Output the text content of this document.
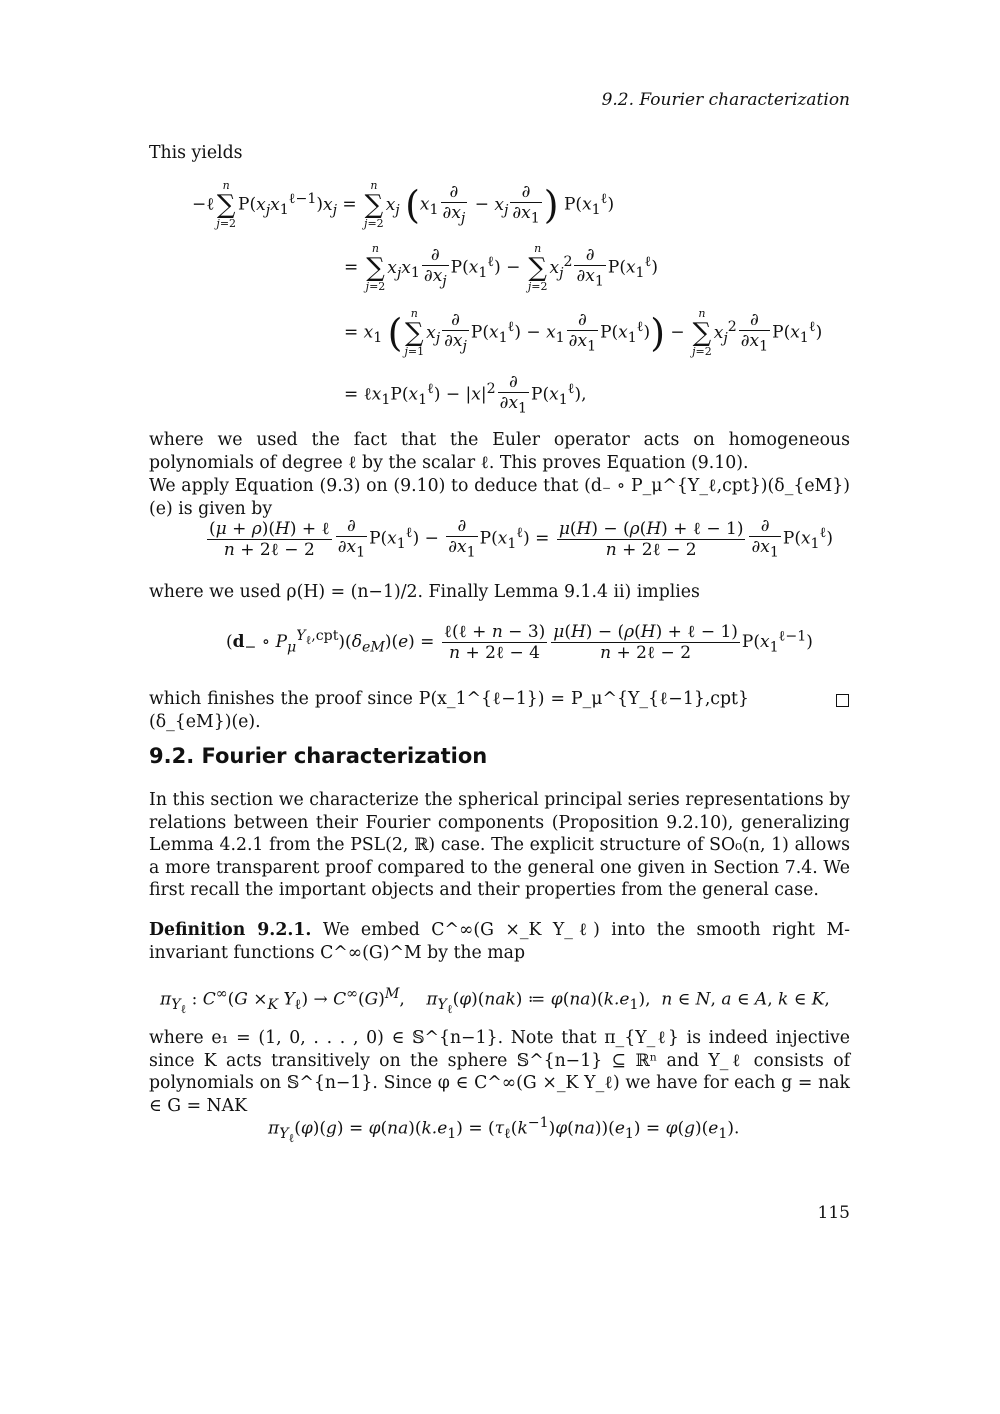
9.2. Fourier characterization
This yields
−ℓ
n
∑
j=2
$P(x_jx_1^{\ell-1})x_j$ =
n
∑
j=2
$x_j$ ($x_1 \frac{\partial}{\partial x_j} - x_j \frac{\partial}{\partial x_1}$ ) $P(x_1^\ell)$
=
n
∑
j=2
$x_jx_1 \frac{\partial}{\partial x_j} P(x_1^\ell)$ −
n
∑
j=2
$x_j^2 \frac{\partial}{\partial x_1} P(x_1^\ell)$
= $x_1$ ( n
∑
j=1
$x_j \frac{\partial}{\partial x_j} P(x_1^\ell) - x_1 \frac{\partial}{\partial x_1} P(x_1^\ell)$) −
n
∑
j=2
$x_j^2 \frac{\partial}{\partial x_1} P(x_1^\ell)$
= $\ell x_1P(x_1^\ell) - |x|^2 \frac{\partial}{\partial x_1} P(x_1^\ell)$,
where we used the fact that the Euler operator acts on homogeneous polynomials of degree ℓ by the scalar ℓ. This proves Equation (9.10).
We apply Equation (9.3) on (9.10) to deduce that (d₋ ∘ P_μ^{Y_ℓ,cpt})(δ_{eM})(e) is given by
$\frac{\text{(μ + ρ)(H) + ℓ}}{\text{n + 2ℓ − 2}} \frac{\partial}{\partial x_1} P(x_1^\ell) - \frac{\partial}{\partial x_1} P(x_1^\ell) = \frac{\text{μ(H) − (ρ(H) + ℓ − 1)}}{\text{n + 2ℓ − 2}} \frac{\partial}{\partial x_1} P(x_1^\ell)$
where we used ρ(H) = (n−1)/2. Finally Lemma 9.1.4 ii) implies
($d_-$ ∘ $P_\mu^{Y_\ell,cpt})(\delta_{eM})(e) = \frac{\text{ℓ(ℓ + n − 3)}}{\text{n + 2ℓ − 4}} \frac{\text{μ(H) − (ρ(H) + ℓ − 1)}}{\text{n + 2ℓ − 2}} P(x_1^{\ell-1})$
which finishes the proof since P(x_1^{ℓ−1}) = P_μ^{Y_{ℓ−1},cpt}(δ_{eM})(e).
9.2. Fourier characterization
In this section we characterize the spherical principal series representations by relations between their Fourier components (Proposition 9.2.10), generalizing Lemma 4.2.1 from the PSL(2, ℝ) case. The explicit structure of SO₀(n, 1) allows a more transparent proof compared to the general one given in Section 7.4. We first recall the important objects and their properties from the general case.
Definition 9.2.1. We embed C^∞(G ×_K Y_ℓ) into the smooth right M-invariant functions C^∞(G)^M by the map
$\pi_{Y_\ell}$ : $C^\infty(G \times_K$ $Y_\ell) \to C^\infty(G)^M$,    $\pi_{Y_\ell}(\varphi)(nak)$ ≔ $\varphi(na)(k.e_1)$,  n ∈ N, a ∈ A, k ∈ K,
where e₁ = (1, 0, . . . , 0) ∈ 𝕊^{n−1}. Note that π_{Y_ℓ} is indeed injective since K acts transitively on the sphere 𝕊^{n−1} ⊆ ℝⁿ and Y_ℓ consists of polynomials on 𝕊^{n−1}. Since φ ∈ C^∞(G ×_K Y_ℓ) we have for each g = nak ∈ G = NAK
$\pi_{Y_\ell}(\varphi)(g) = \varphi(na)(k.e_1) = (\tau_\ell(k^{-1})\varphi(na))(e_1) = \varphi(g)(e_1)$.
115
